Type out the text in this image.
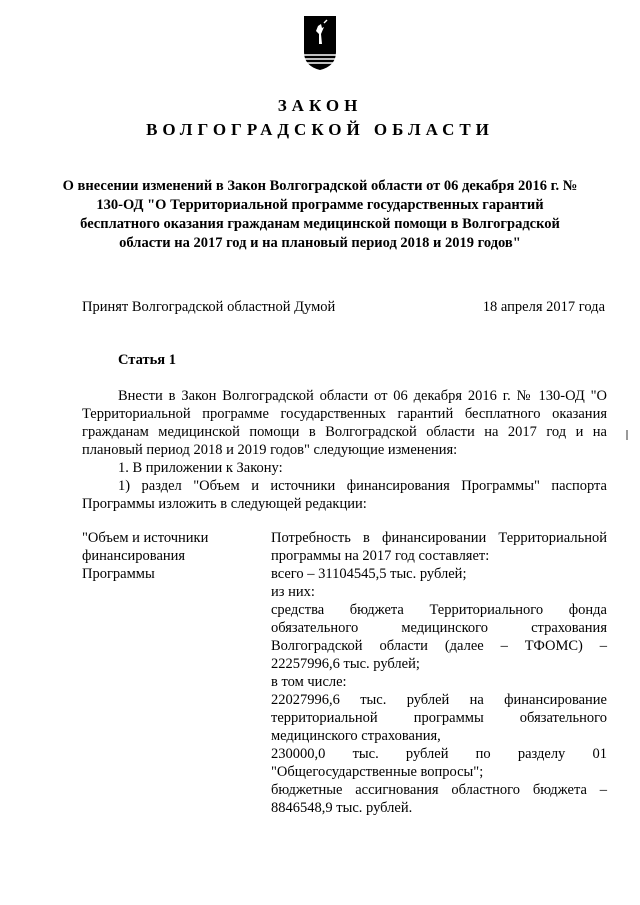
ЗАКОН
ВОЛГОГРАДСКОЙ ОБЛАСТИ
О внесении изменений в Закон Волгоградской области от 06 декабря 2016 г. № 130-ОД "О Территориальной программе государственных гарантий бесплатного оказания гражданам медицинской помощи в Волгоградской области на 2017 год и на плановый период 2018 и 2019 годов"
Принят Волгоградской областной Думой	18 апреля 2017 года
Статья 1

Внести в Закон Волгоградской области от 06 декабря 2016 г. № 130-ОД "О Территориальной программе государственных гарантий бесплатного оказания гражданам медицинской помощи в Волгоградской области на 2017 год и на плановый период 2018 и 2019 годов" следующие изменения:

1. В приложении к Закону:

1) раздел "Объем и источники финансирования Программы" паспорта Программы изложить в следующей редакции:

"Объем и источники
финансирования
Программы

Потребность в финансировании Территориальной программы на 2017 год составляет:

всего – 31104545,5 тыс. рублей;

из них:

средства бюджета Территориального фонда обязательного медицинского страхования Волгоградской области (далее – ТФОМС) – 22257996,6 тыс. рублей;

в том числе:

22027996,6 тыс. рублей на финансирование территориальной программы обязательного медицинского страхования,

230000,0 тыс. рублей по разделу 01 "Общегосударственные вопросы";

бюджетные ассигнования областного бюджета – 8846548,9 тыс. рублей.
